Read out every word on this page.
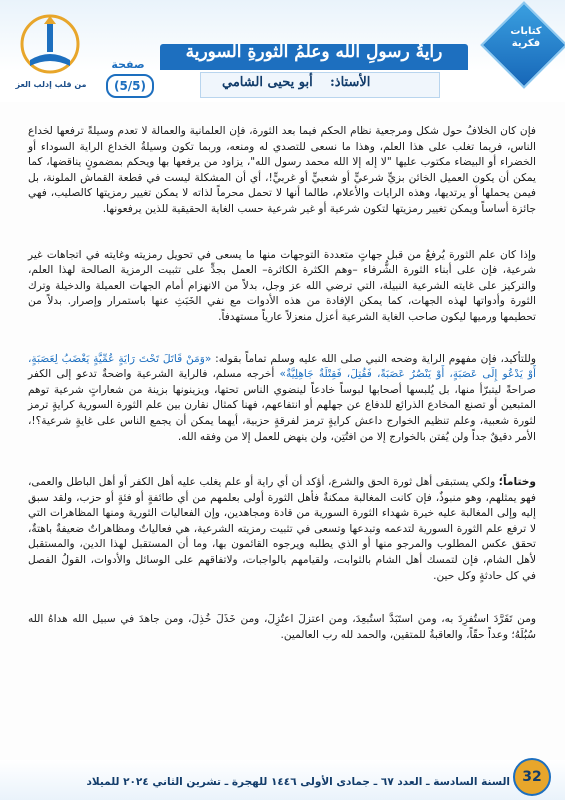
من قلب إدلب العز
صفحة
(5/5)
رايةُ رسولِ الله وعلمُ الثورةِ السورية
الأستاذ:
أبو يحيى الشامي
كتابات فكرية

فإن كان الخلافُ حول شكل ومرجعية نظام الحكم فيما بعد الثورة، فإن العلمانية والعمالة لا تعدم وسيلةً ترفعها لخداع الناس، فربما تغلب على هذا العلم، وهذا ما نسعى للتصدي له ومنعه، وربما تكون وسيلةُ الخداع الراية السوداء أو الخضراء أو البيضاء مكتوب عليها "لا إله إلا الله محمد رسول الله"، يزاود من يرفعها بها ويحكم بمضمونٍ يناقضها، كما يمكن أن يكون العميل الخائن بزيٍّ شرعيٍّ أو شعبيٍّ أو غربيٍّ!، أي أن المشكلة ليست في قطعة القماش الملونة، بل فيمن يحملها أو يرتديها، وهذه الرايات والأعلام، طالما أنها لا تحمل محرماً لذاته لا يمكن تغيير رمزيتها كالصليب، فهي جائزة أساساً ويمكن تغيير رمزيتها لتكون شرعية أو غير شرعية حسب الغاية الحقيقية للذين يرفعونها.

وإذا كان علم الثورة يُرفعُ من قبل جهاتٍ متعددة التوجهات منها ما يسعى في تحويل رمزيته وغايته في اتجاهات غير شرعية، فإن على أبناء الثورة الشُّرفاء –وهم الكثرة الكاثرة– العمل بجدٍّ على تثبيت الرمزية الصالحة لهذا العلم، والتركيز على غايته الشرعية النبيلة، التي ترضي الله عز وجل، بدلاً من الانهزام أمام الجهات العميلة والدخيلة وترك الثورة وأدواتها لهذه الجهات، كما يمكن الإفادة من هذه الأدوات مع نفي الخَبَثِ عنها باستمرار وإصرار. بدلاً من تحطيمها ورميها ليكون صاحب الغاية الشرعية أعزل منعزلاً عارياً مستهدفاً.

وللتأكيد، فإن مفهوم الراية وضحه النبي صلى الله عليه وسلم تماماً بقوله: «وَمَنْ قَاتَلَ تَحْتَ رَايَةٍ عُمِّيَّةٍ يَغْضَبُ لِعَصَبَةٍ، أَوْ يَدْعُو إِلَى عَصَبَةٍ، أَوْ يَنْصُرُ عَصَبَةً، فَقُتِلَ، فَقِتْلَةٌ جَاهِلِيَّةٌ» أخرجه مسلم، فالراية الشرعية واضحةٌ تدعو إلى الكفر صراحةً ليتبرّأ منها، بل يُلبسها أصحابها لبوساً خادعاً لينضوي الناس تحتها، ويزينونها بزينة من شعاراتٍ شرعية توهم المتبعين أو تصنع المخادع الذرائع للدفاع عن جهلهم أو انتفاعهم، فهنا كمثال نقارن بين علم الثورة السورية كرايةٍ ترمز لثورة شعبية، وعلم تنظيم الخوارج داعش كرايةٍ ترمز لفرقةٍ حزبية، أيهما يمكن أن يجمع الناس على غايةٍ شرعية؟!، الأمر دقيقٌ جداً ولن يُفتن بالخوارج إلا من افتُتِن، ولن ينهض للعمل إلا من وفقه الله.

وختاماً؛ ولكي يستبقى أهل ثورة الحق والشرع، أؤكد أن أي راية أو علم يغلب عليه أهل الكفر أو أهل الباطل والعمى، فهو يمثلهم، وهو منبوذٌ، فإن كانت المغالبة ممكنةٌ فأهل الثورة أولى بعلمهم من أي طائفةٍ أو فئةٍ أو حزب، ولقد سبق إليه وإلى المغالبة عليه خيرة شهداء الثورة السورية من قادة ومجاهدين، وإن الفعاليات الثورية ومنها المظاهرات التي لا ترفع علم الثورة السورية لتدعمه وتبدعها وتسعى في تثبيت رمزيته الشرعية، هي فعالياتٌ ومظاهراتٌ ضعيفةٌ باهتةٌ، تحقق عكس المطلوب والمرجو منها أو الذي يطلبه ويرجوه القائمون بها، وما أن المستقبل لهذا الدين، والمستقبل لأهل الشام، فإن لتمسك أهل الشام بالثوابت، ولقيامهم بالواجبات، ولاتفاقهم على الوسائل والأدوات، القولُ الفصل في كل حادثةٍ وكل حين.

ومن تَفَرَّدَ استُفرِدَ به، ومن استَبَدَّ استُبعِدَ، ومن اعتزلَ اعتُزِلَ، ومن خَذَلَ خُذِلَ، ومن جاهدَ في سبيل الله هداهُ الله سُبُلَهُ؛ وعداً حقّاً، والعاقبةُ للمتقين، والحمد لله رب العالمين.

السنة السادسة ـ العدد ٦٧ ـ جمادى الأولى ١٤٤٦ للهجرة ـ تشرين الثاني ٢٠٢٤ للميلاد 32
